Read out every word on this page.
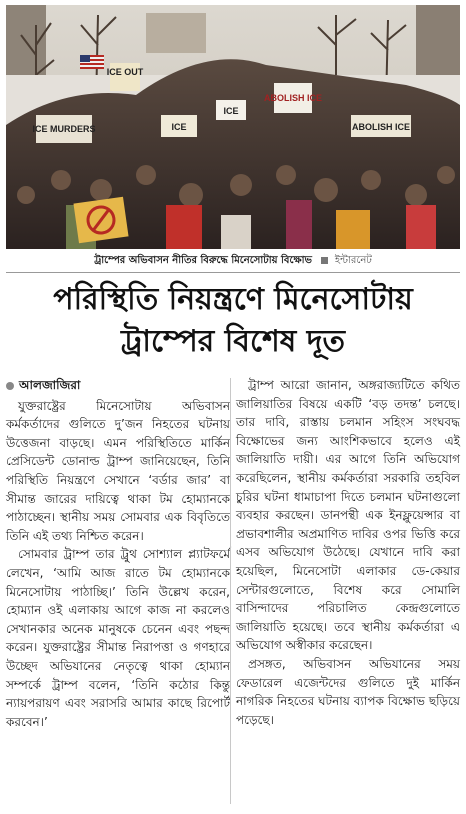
ICE OUT
ICE MURDERS
ABOLISH ICE
ABOLISH ICE
ICE
ICE
ট্রাম্পের অভিবাসন নীতির বিরুদ্ধে মিনেসোটায় বিক্ষোভ ইন্টারনেট
পরিস্থিতি নিয়ন্ত্রণে মিনেসোটায়
ট্রাম্পের বিশেষ দূত
আলজাজিরা

যুক্তরাষ্ট্রের মিনেসোটায় অভিবাসন কর্মকর্তাদের গুলিতে দু’জন নিহতের ঘটনায় উত্তেজনা বাড়ছে। এমন পরিস্থিতিতে মার্কিন প্রেসিডেন্ট ডোনাল্ড ট্রাম্প জানিয়েছেন, তিনি পরিস্থিতি নিয়ন্ত্রণে সেখানে ‘বর্ডার জার’ বা সীমান্ত জারের দায়িত্বে থাকা টম হোম্যানকে পাঠাচ্ছেন। স্থানীয় সময় সোমবার এক বিবৃতিতে তিনি এই তথ্য নিশ্চিত করেন।

সোমবার ট্রাম্প তার ট্রুথ সোশ্যাল প্ল্যাটফর্মে লেখেন, ‘আমি আজ রাতে টম হোম্যানকে মিনেসোটায় পাঠাচ্ছি।’ তিনি উল্লেখ করেন, হোম্যান ওই এলাকায় আগে কাজ না করলেও সেখানকার অনেক মানুষকে চেনেন এবং পছন্দ করেন। যুক্তরাষ্ট্রের সীমান্ত নিরাপত্তা ও গণহারে উচ্ছেদ অভিযানের নেতৃত্বে থাকা হোম্যান সম্পর্কে ট্রাম্প বলেন, ‘তিনি কঠোর কিন্তু ন্যায়পরায়ণ এবং সরাসরি আমার কাছে রিপোর্ট করবেন।’

ট্রাম্প আরো জানান, অঙ্গরাজ্যটিতে কথিত জালিয়াতির বিষয়ে একটি ‘বড় তদন্ত’ চলছে। তার দাবি, রাস্তায় চলমান সহিংস সংঘবদ্ধ বিক্ষোভের জন্য আংশিকভাবে হলেও এই জালিয়াতি দায়ী। এর আগে তিনি অভিযোগ করেছিলেন, স্থানীয় কর্মকর্তারা সরকারি তহবিল চুরির ঘটনা ধামাচাপা দিতে চলমান ঘটনাগুলো ব্যবহার করছেন। ডানপন্থী এক ইনফ্লুয়েন্সার বা প্রভাবশালীর অপ্রমাণিত দাবির ওপর ভিত্তি করে এসব অভিযোগ উঠেছে। যেখানে দাবি করা হয়েছিল, মিনেসোটা এলাকার ডে-কেয়ার সেন্টারগুলোতে, বিশেষ করে সোমালি বাসিন্দাদের পরিচালিত কেন্দ্রগুলোতে জালিয়াতি হয়েছে। তবে স্থানীয় কর্মকর্তারা এ অভিযোগ অস্বীকার করেছেন।

প্রসঙ্গত, অভিবাসন অভিযানের সময় ফেডারেল এজেন্টদের গুলিতে দুই মার্কিন নাগরিক নিহতের ঘটনায় ব্যাপক বিক্ষোভ ছড়িয়ে পড়েছে।
